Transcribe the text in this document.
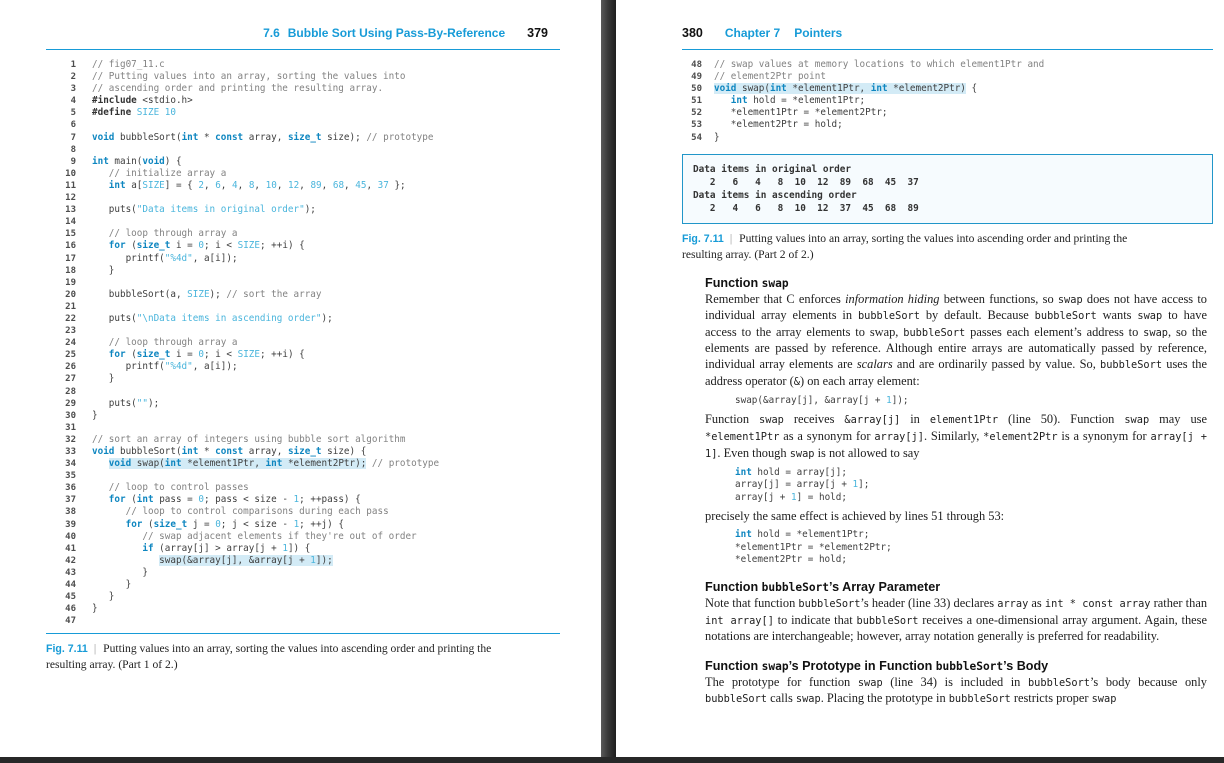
7.6 Bubble Sort Using Pass-By-Reference 379
1 // fig07_11.c
2 // Putting values into an array, sorting the values into
3 // ascending order and printing the resulting array.
4 #include <stdio.h>
5 #define SIZE 10
6
7 void bubbleSort(int * const array, size_t size); // prototype
8
9 int main(void) {
10	// initialize array a
11	int a[SIZE] = { 2, 6, 4, 8, 10, 12, 89, 68, 45, 37 };
12
13 puts("Data items in original order");
14
15	// loop through array a
16	for (size_t i = 0; i < SIZE; ++i) {
17 printf("%4d", a[i]);
18 }
19
20 bubbleSort(a, SIZE); // sort the array
21
22 puts("\nData items in ascending order");
23
24	// loop through array a
25	for (size_t i = 0; i < SIZE; ++i) {
26 printf("%4d", a[i]);
27 }
28
29 puts("");
30 }
31
32 // sort an array of integers using bubble sort algorithm
33 void bubbleSort(int * const array, size_t size) {
34	void swap(int *element1Ptr, int *element2Ptr); // prototype
35
36	// loop to control passes
37	for (int pass = 0; pass < size - 1; ++pass) {
38	// loop to control comparisons during each pass
39	for (size_t j = 0; j < size - 1; ++j) {
40	// swap adjacent elements if they're out of order
41	if (array[j] > array[j + 1]) {
42	swap(&array[j], &array[j + 1]);
43 }
44 }
45 }
46 }
47

Fig. 7.11 | Putting values into an array, sorting the values into ascending order and printing the resulting array. (Part 1 of 2.)

380 Chapter 7 Pointers
48 // swap values at memory locations to which element1Ptr and
49 // element2Ptr point
50 void swap(int *element1Ptr, int *element2Ptr) {
51	int hold = *element1Ptr;
52 *element1Ptr = *element2Ptr;
53 *element2Ptr = hold;
54 }
Data items in original order
2   6   4   8  10  12  89  68  45  37
Data items in ascending order
2   4   6   8  10  12  37  45  68  89

Fig. 7.11 | Putting values into an array, sorting the values into ascending order and printing the resulting array. (Part 2 of 2.)

Function swap

Remember that C enforces information hiding between functions, so swap does not have access to individual array elements in bubbleSort by default. Because bubbleSort wants swap to have access to the array elements to swap, bubbleSort passes each element’s address to swap, so the elements are passed by reference. Although entire arrays are automatically passed by reference, individual array elements are scalars and are ordinarily passed by value. So, bubbleSort uses the address operator (&) on each array element:

swap(&array[j], &array[j + 1]);

Function swap receives &array[j] in element1Ptr (line 50). Function swap may use *element1Ptr as a synonym for array[j]. Similarly, *element2Ptr is a synonym for array[j + 1]. Even though swap is not allowed to say

int hold = array[j];
array[j] = array[j + 1];
array[j + 1] = hold;

precisely the same effect is achieved by lines 51 through 53:

int hold = *element1Ptr;
*element1Ptr = *element2Ptr;
*element2Ptr = hold;
Function bubbleSort’s Array Parameter

Note that function bubbleSort’s header (line 33) declares array as int * const array rather than int array[] to indicate that bubbleSort receives a one-dimensional array argument. Again, these notations are interchangeable; however, array notation generally is preferred for readability.

Function swap’s Prototype in Function bubbleSort’s Body

The prototype for function swap (line 34) is included in bubbleSort’s body because only bubbleSort calls swap. Placing the prototype in bubbleSort restricts proper swap
